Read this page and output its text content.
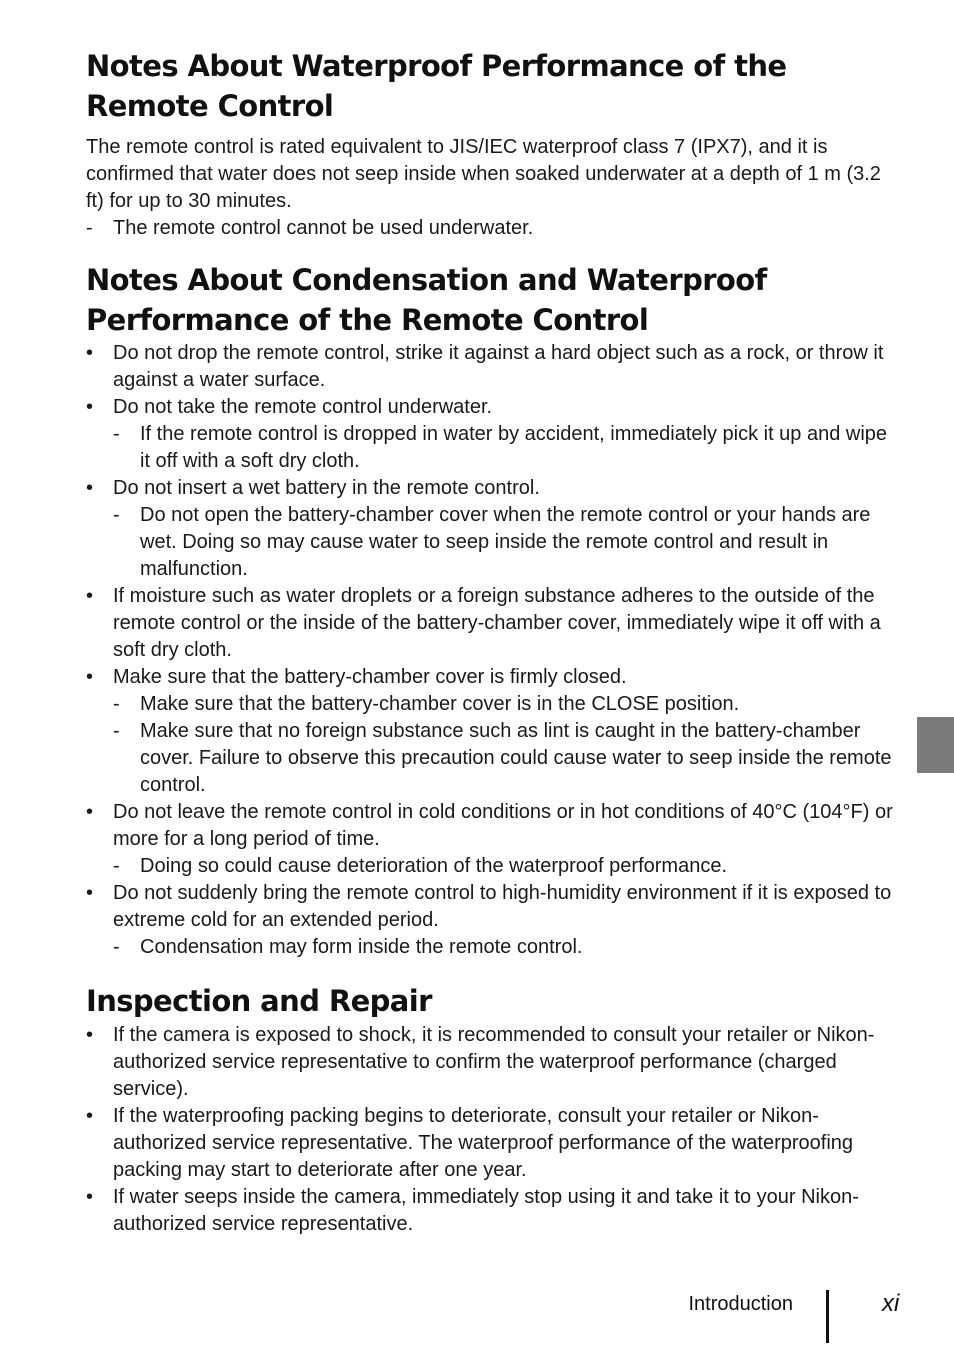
Notes About Waterproof Performance of the Remote Control

The remote control is rated equivalent to JIS/IEC waterproof class 7 (IPX7), and it is confirmed that water does not seep inside when soaked underwater at a depth of 1 m (3.2 ft) for up to 30 minutes.

- The remote control cannot be used underwater.
Notes About Condensation and Waterproof Performance of the Remote Control
• Do not drop the remote control, strike it against a hard object such as a rock, or throw it against a water surface.
• Do not take the remote control underwater.
- If the remote control is dropped in water by accident, immediately pick it up and wipe it off with a soft dry cloth.
• Do not insert a wet battery in the remote control.
- Do not open the battery-chamber cover when the remote control or your hands are wet. Doing so may cause water to seep inside the remote control and result in malfunction.
• If moisture such as water droplets or a foreign substance adheres to the outside of the remote control or the inside of the battery-chamber cover, immediately wipe it off with a soft dry cloth.
• Make sure that the battery-chamber cover is firmly closed.
- Make sure that the battery-chamber cover is in the CLOSE position.
- Make sure that no foreign substance such as lint is caught in the battery-chamber cover. Failure to observe this precaution could cause water to seep inside the remote control.
• Do not leave the remote control in cold conditions or in hot conditions of 40°C (104°F) or more for a long period of time.
- Doing so could cause deterioration of the waterproof performance.
• Do not suddenly bring the remote control to high-humidity environment if it is exposed to extreme cold for an extended period.
- Condensation may form inside the remote control.
Inspection and Repair
• If the camera is exposed to shock, it is recommended to consult your retailer or Nikon-authorized service representative to confirm the waterproof performance (charged service).
• If the waterproofing packing begins to deteriorate, consult your retailer or Nikon-authorized service representative. The waterproof performance of the waterproofing packing may start to deteriorate after one year.
• If water seeps inside the camera, immediately stop using it and take it to your Nikon-authorized service representative.
Introduction	xi
